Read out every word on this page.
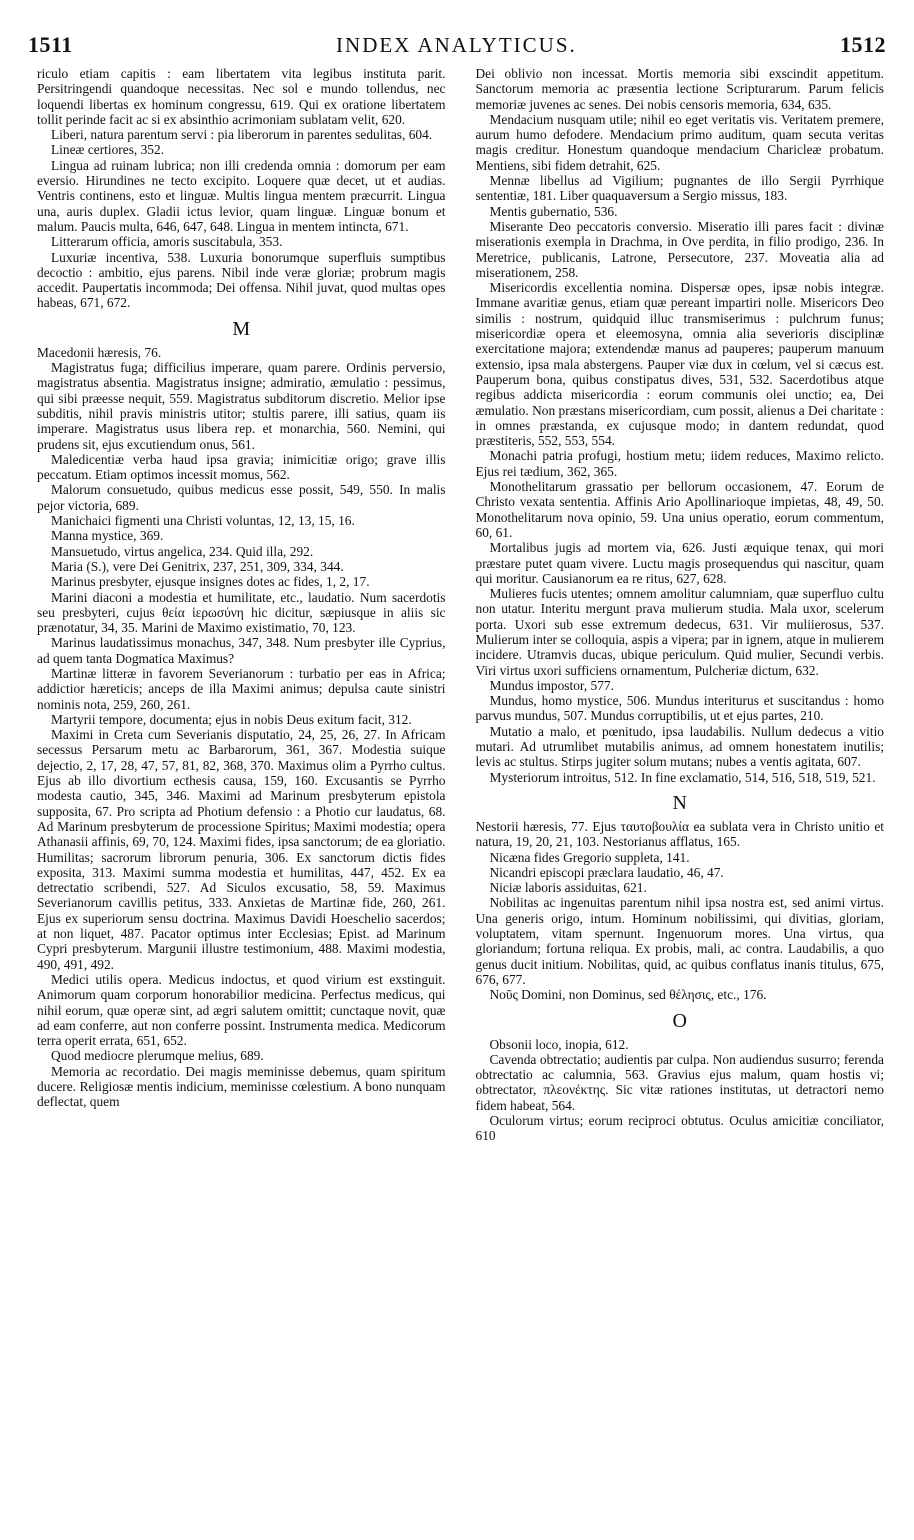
1511	INDEX ANALYTICUS.	1512

riculo etiam capitis : eam libertatem vita legibus instituta parit. Persitringendi quandoque necessitas. Nec sol e mundo tollendus, nec loquendi libertas ex hominum congressu, 619. Qui ex oratione libertatem tollit perinde facit ac si ex absinthio acrimoniam sublatam velit, 620.

Liberi, natura parentum servi : pia liberorum in parentes sedulitas, 604.

Lineæ certiores, 352.

Lingua ad ruinam lubrica; non illi credenda omnia : domorum per eam eversio. Hirundines ne tecto excipito. Loquere quæ decet, ut et audias. Ventris continens, esto et linguæ. Multis lingua mentem præcurrit. Lingua una, auris duplex. Gladii ictus levior, quam linguæ. Linguæ bonum et malum. Paucis multa, 646, 647, 648. Lingua in mentem intincta, 671.

Litterarum officia, amoris suscitabula, 353.

Luxuriæ incentiva, 538. Luxuria bonorumque superfluis sumptibus decoctio : ambitio, ejus parens. Nibil inde veræ gloriæ; probrum magis accedit. Paupertatis incommoda; Dei offensa. Nihil juvat, quod multas opes habeas, 671, 672.

M

Macedonii hæresis, 76.

Magistratus fuga; difficilius imperare, quam parere. Ordinis perversio, magistratus absentia. Magistratus insigne; admiratio, æmulatio : pessimus, qui sibi præesse nequit, 559. Magistratus subditorum discretio. Melior ipse subditis, nihil pravis ministris utitor; stultis parere, illi satius, quam iis imperare. Magistratus usus libera rep. et monarchia, 560. Nemini, qui prudens sit, ejus excutiendum onus, 561.

Maledicentiæ verba haud ipsa gravia; inimicitiæ origo; grave illis peccatum. Etiam optimos incessit momus, 562.

Malorum consuetudo, quibus medicus esse possit, 549, 550. In malis pejor victoria, 689.

Manichaici figmenti una Christi voluntas, 12, 13, 15, 16.

Manna mystice, 369.

Mansuetudo, virtus angelica, 234. Quid illa, 292.

Maria (S.), vere Dei Genitrix, 237, 251, 309, 334, 344.

Marinus presbyter, ejusque insignes dotes ac fides, 1, 2, 17.

Marini diaconi a modestia et humilitate, etc., laudatio. Num sacerdotis seu presbyteri, cujus θεία ἱερωσύνη hic dicitur, sæpiusque in aliis sic prænotatur, 34, 35. Marini de Maximo existimatio, 70, 123.

Marinus laudatissimus monachus, 347, 348. Num presbyter ille Cyprius, ad quem tanta Dogmatica Maximus?

Martinæ litteræ in favorem Severianorum : turbatio per eas in Africa; addictior hæreticis; anceps de illa Maximi animus; depulsa caute sinistri nominis nota, 259, 260, 261.

Martyrii tempore, documenta; ejus in nobis Deus exitum facit, 312.

Maximi in Creta cum Severianis disputatio, 24, 25, 26, 27. In Africam secessus Persarum metu ac Barbarorum, 361, 367. Modestia suique dejectio, 2, 17, 28, 47, 57, 81, 82, 368, 370. Maximus olim a Pyrrho cultus. Ejus ab illo divortium ecthesis causa, 159, 160. Excusantis se Pyrrho modesta cautio, 345, 346. Maximi ad Marinum presbyterum epistola supposita, 67. Pro scripta ad Photium defensio : a Photio cur laudatus, 68. Ad Marinum presbyterum de processione Spiritus; Maximi modestia; opera Athanasii affinis, 69, 70, 124. Maximi fides, ipsa sanctorum; de ea gloriatio. Humilitas; sacrorum librorum penuria, 306. Ex sanctorum dictis fides exposita, 313. Maximi summa modestia et humilitas, 447, 452. Ex ea detrectatio scribendi, 527. Ad Siculos excusatio, 58, 59. Maximus Severianorum cavillis petitus, 333. Anxietas de Martinæ fide, 260, 261. Ejus ex superiorum sensu doctrina. Maximus Davidi Hoeschelio sacerdos; at non liquet, 487. Pacator optimus inter Ecclesias; Epist. ad Marinum Cypri presbyterum. Margunii illustre testimonium, 488. Maximi modestia, 490, 491, 492.

Medici utilis opera. Medicus indoctus, et quod virium est exstinguit. Animorum quam corporum honorabilior medicina. Perfectus medicus, qui nihil eorum, quæ operæ sint, ad ægri salutem omittit; cunctaque novit, quæ ad eam conferre, aut non conferre possint. Instrumenta medica. Medicorum terra operit errata, 651, 652.

Quod mediocre plerumque melius, 689.

Memoria ac recordatio. Dei magis meminisse debemus, quam spiritum ducere. Religiosæ mentis indicium, meminisse cœlestium. A bono nunquam deflectat, quem

Dei oblivio non incessat. Mortis memoria sibi exscindit appetitum. Sanctorum memoria ac præsentia lectione Scripturarum. Parum felicis memoriæ juvenes ac senes. Dei nobis censoris memoria, 634, 635.

Mendacium nusquam utile; nihil eo eget veritatis vis. Veritatem premere, aurum humo defodere. Mendacium primo auditum, quam secuta veritas magis creditur. Honestum quandoque mendacium Charicleæ probatum. Mentiens, sibi fidem detrahit, 625.

Mennæ libellus ad Vigilium; pugnantes de illo Sergii Pyrrhique sententiæ, 181. Liber quaquaversum a Sergio missus, 183.

Mentis gubernatio, 536.

Miserante Deo peccatoris conversio. Miseratio illi pares facit : divinæ miserationis exempla in Drachma, in Ove perdita, in filio prodigo, 236. In Meretrice, publicanis, Latrone, Persecutore, 237. Moveatia alia ad miserationem, 258.

Misericordis excellentia nomina. Dispersæ opes, ipsæ nobis integræ. Immane avaritiæ genus, etiam quæ pereant impartiri nolle. Misericors Deo similis : nostrum, quidquid illuc transmiserimus : pulchrum funus; misericordiæ opera et eleemosyna, omnia alia severioris disciplinæ exercitatione majora; extendendæ manus ad pauperes; pauperum manuum extensio, ipsa mala abstergens. Pauper viæ dux in cœlum, vel si cæcus est. Pauperum bona, quibus constipatus dives, 531, 532. Sacerdotibus atque regibus addicta misericordia : eorum communis olei unctio; ea, Dei æmulatio. Non præstans misericordiam, cum possit, alienus a Dei charitate : in omnes præstanda, ex cujusque modo; in dantem redundat, quod præstiteris, 552, 553, 554.

Monachi patria profugi, hostium metu; iidem reduces, Maximo relicto. Ejus rei tædium, 362, 365.

Monothelitarum grassatio per bellorum occasionem, 47. Eorum de Christo vexata sententia. Affinis Ario Apollinarioque impietas, 48, 49, 50. Monothelitarum nova opinio, 59. Una unius operatio, eorum commentum, 60, 61.

Mortalibus jugis ad mortem via, 626. Justi æquique tenax, qui mori præstare putet quam vivere. Luctu magis prosequendus qui nascitur, quam qui moritur. Causianorum ea re ritus, 627, 628.

Mulieres fucis utentes; omnem amolitur calumniam, quæ superfluo cultu non utatur. Interitu mergunt prava mulierum studia. Mala uxor, scelerum porta. Uxori sub esse extremum dedecus, 631. Vir muliierosus, 537. Mulierum inter se colloquia, aspis a vipera; par in ignem, atque in mulierem incidere. Utramvis ducas, ubique periculum. Quid mulier, Secundi verbis. Viri virtus uxori sufficiens ornamentum, Pulcheriæ dictum, 632.

Mundus impostor, 577.

Mundus, homo mystice, 506. Mundus interiturus et suscitandus : homo parvus mundus, 507. Mundus corruptibilis, ut et ejus partes, 210.

Mutatio a malo, et pœnitudo, ipsa laudabilis. Nullum dedecus a vitio mutari. Ad utrumlibet mutabilis animus, ad omnem honestatem inutilis; levis ac stultus. Stirps jugiter solum mutans; nubes a ventis agitata, 607.

Mysteriorum introitus, 512. In fine exclamatio, 514, 516, 518, 519, 521.

N

Nestorii hæresis, 77. Ejus ταυτοβουλία ea sublata vera in Christo unitio et natura, 19, 20, 21, 103. Nestorianus afflatus, 165.

Nicæna fides Gregorio suppleta, 141.

Nicandri episcopi præclara laudatio, 46, 47.

Niciæ laboris assiduitas, 621.

Nobilitas ac ingenuitas parentum nihil ipsa nostra est, sed animi virtus. Una generis origo, intum. Hominum nobilissimi, qui divitias, gloriam, voluptatem, vitam spernunt. Ingenuorum mores. Una virtus, qua gloriandum; fortuna reliqua. Ex probis, mali, ac contra. Laudabilis, a quo genus ducit initium. Nobilitas, quid, ac quibus conflatus inanis titulus, 675, 676, 677.

Νοῦς Domini, non Dominus, sed θέλησις, etc., 176.

O

Obsonii loco, inopia, 612.

Cavenda obtrectatio; audientis par culpa. Non audiendus susurro; ferenda obtrectatio ac calumnia, 563. Gravius ejus malum, quam hostis vi; obtrectator, πλεονέκτης. Sic vitæ rationes institutas, ut detractori nemo fidem habeat, 564.

Oculorum virtus; eorum reciproci obtutus. Oculus amicitiæ conciliator, 610
